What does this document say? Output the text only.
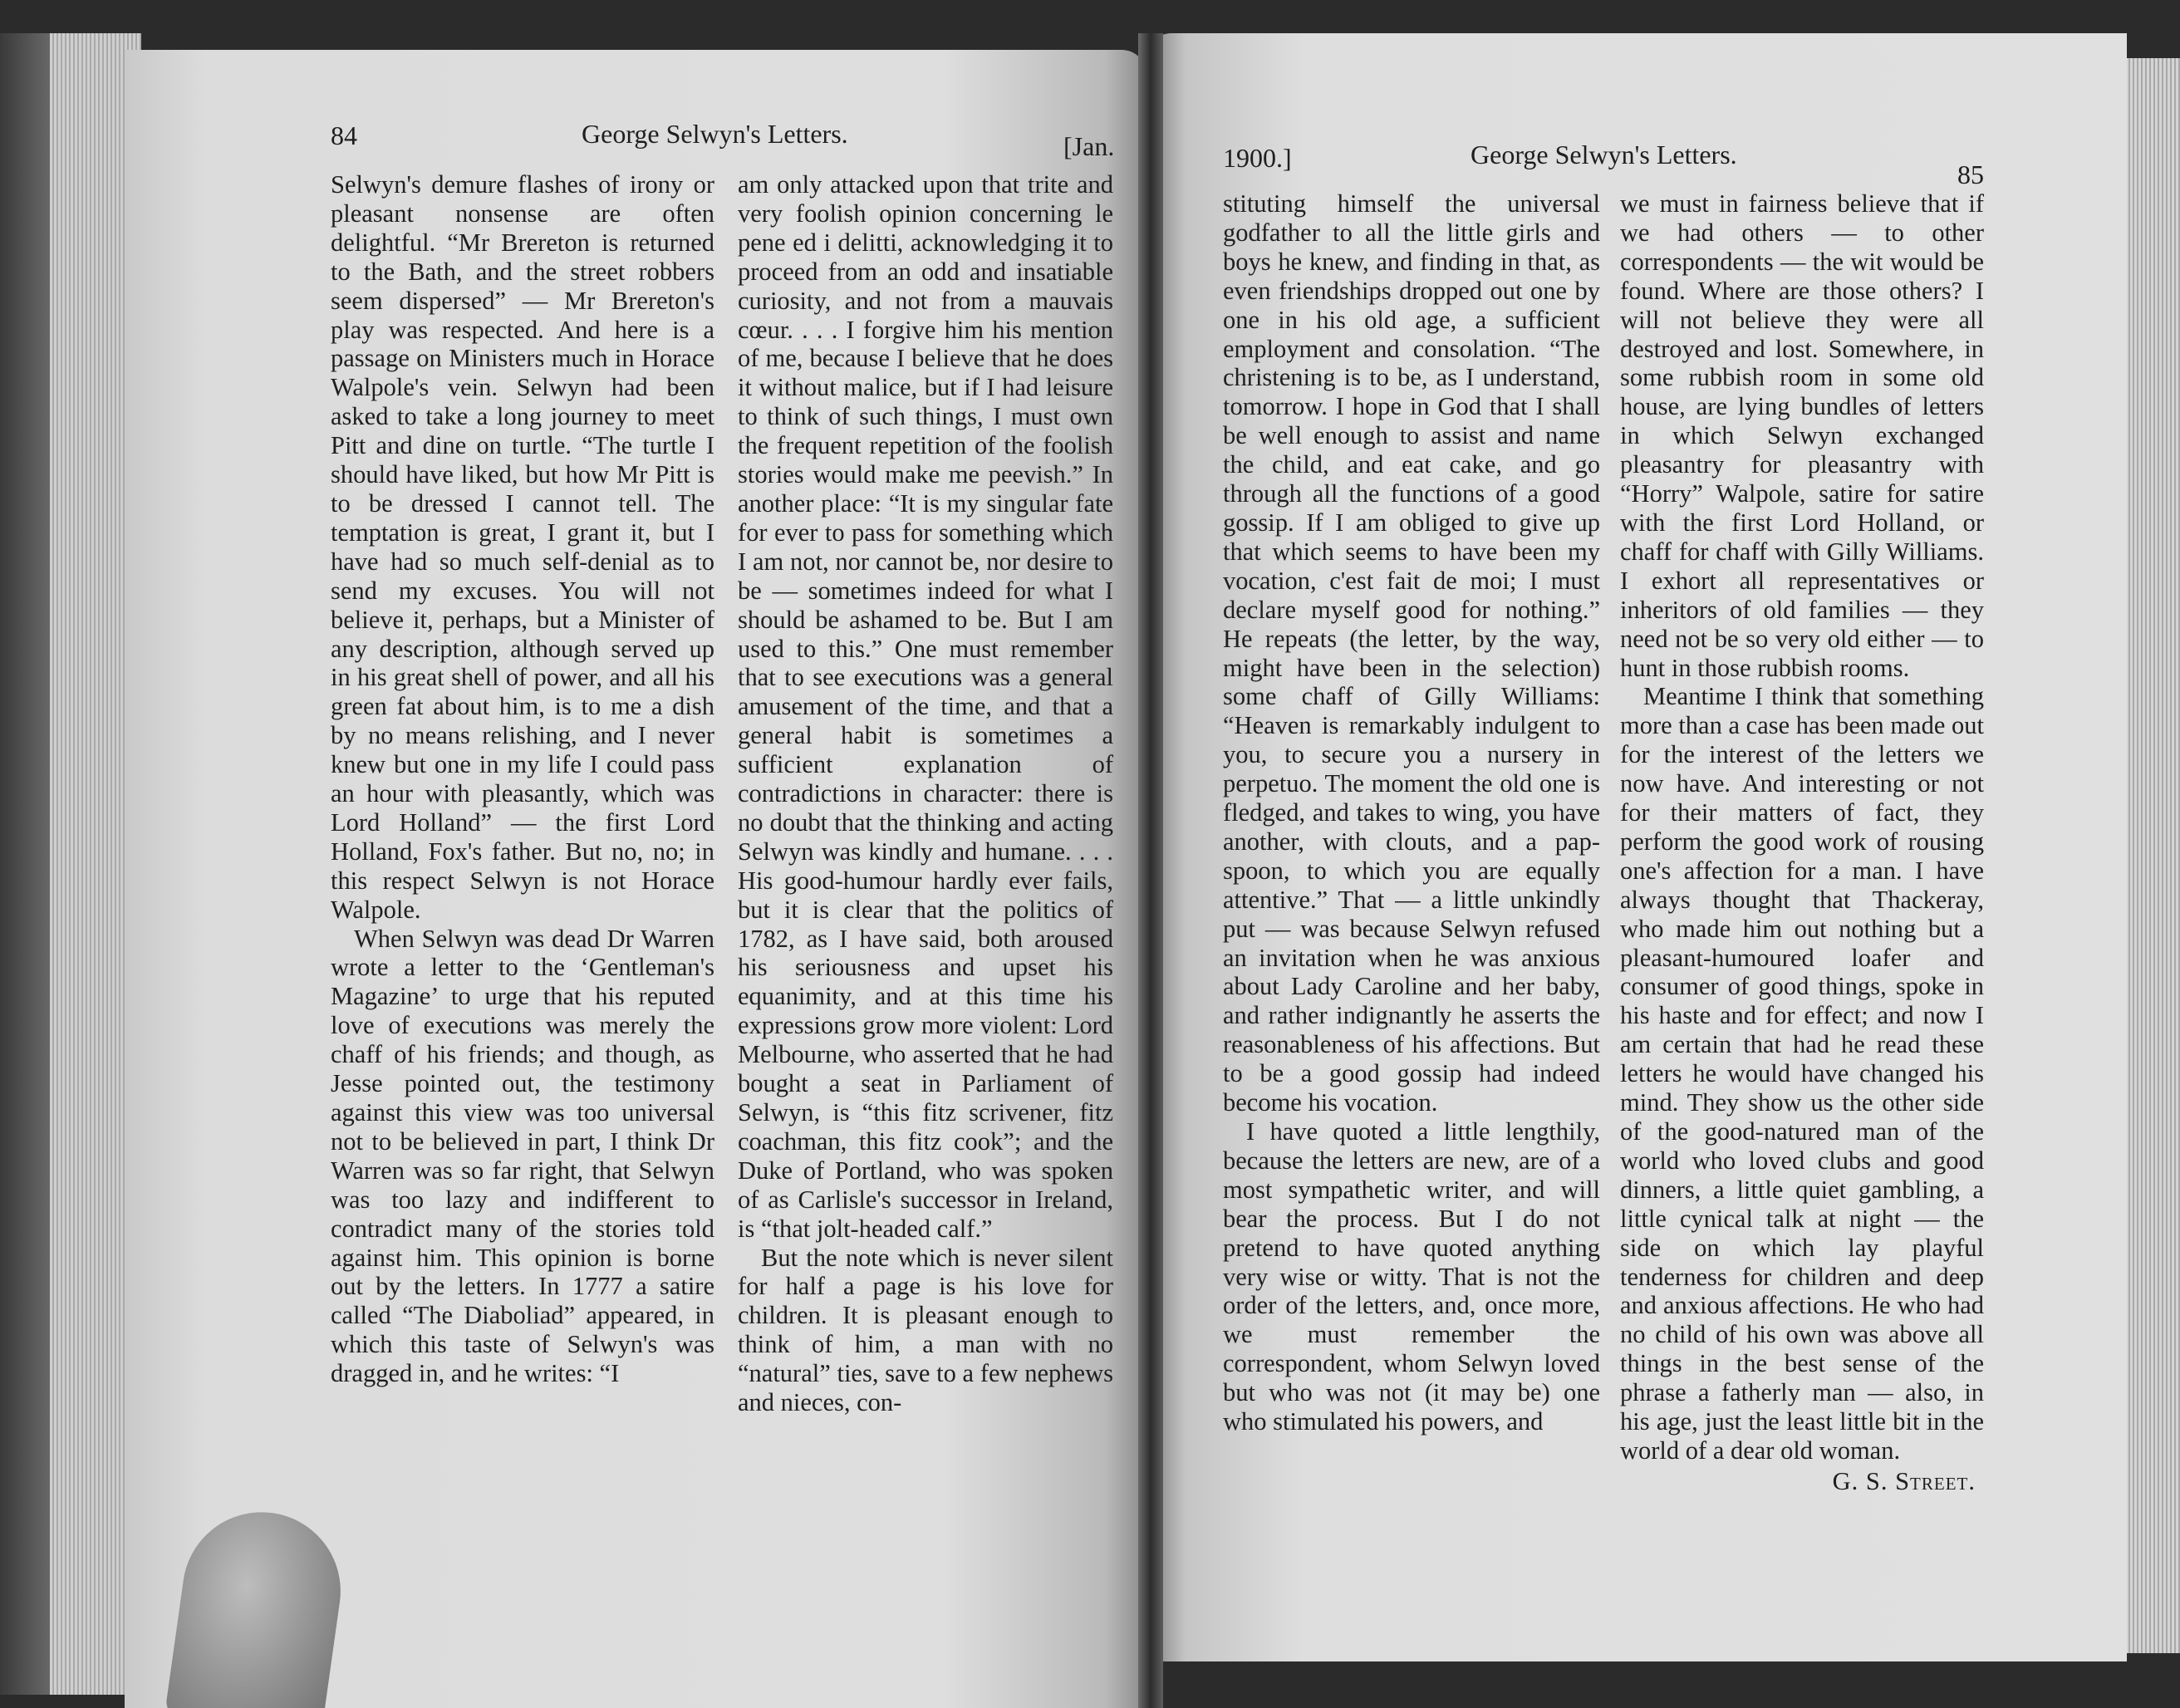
84	George Selwyn's Letters.	[Jan.

Selwyn's demure flashes of irony or pleasant nonsense are often delightful. “Mr Brereton is returned to the Bath, and the street robbers seem dispersed” — Mr Brereton's play was respected. And here is a passage on Ministers much in Horace Walpole's vein. Selwyn had been asked to take a long journey to meet Pitt and dine on turtle. “The turtle I should have liked, but how Mr Pitt is to be dressed I cannot tell. The temptation is great, I grant it, but I have had so much self-denial as to send my excuses. You will not believe it, perhaps, but a Minister of any description, although served up in his great shell of power, and all his green fat about him, is to me a dish by no means relishing, and I never knew but one in my life I could pass an hour with pleasantly, which was Lord Holland” — the first Lord Holland, Fox's father. But no, no; in this respect Selwyn is not Horace Walpole.

When Selwyn was dead Dr Warren wrote a letter to the ‘Gentleman's Magazine’ to urge that his reputed love of executions was merely the chaff of his friends; and though, as Jesse pointed out, the testimony against this view was too universal not to be believed in part, I think Dr Warren was so far right, that Selwyn was too lazy and indifferent to contradict many of the stories told against him. This opinion is borne out by the letters. In 1777 a satire called “The Diaboliad” appeared, in which this taste of Selwyn's was dragged in, and he writes: “I

am only attacked upon that trite and very foolish opinion concerning le pene ed i delitti, acknowledging it to proceed from an odd and insatiable curiosity, and not from a mauvais cœur. . . . I forgive him his mention of me, because I believe that he does it without malice, but if I had leisure to think of such things, I must own the frequent repetition of the foolish stories would make me peevish.” In another place: “It is my singular fate for ever to pass for something which I am not, nor cannot be, nor desire to be — sometimes indeed for what I should be ashamed to be. But I am used to this.” One must remember that to see executions was a general amusement of the time, and that a general habit is sometimes a sufficient explanation of contradictions in character: there is no doubt that the thinking and acting Selwyn was kindly and humane. . . . His good-humour hardly ever fails, but it is clear that the politics of 1782, as I have said, both aroused his seriousness and upset his equanimity, and at this time his expressions grow more violent: Lord Melbourne, who asserted that he had bought a seat in Parliament of Selwyn, is “this fitz scrivener, fitz coachman, this fitz cook”; and the Duke of Portland, who was spoken of as Carlisle's successor in Ireland, is “that jolt-headed calf.”

But the note which is never silent for half a page is his love for children. It is pleasant enough to think of him, a man with no “natural” ties, save to a few nephews and nieces, con-

1900.]	George Selwyn's Letters.
85

stituting himself the universal godfather to all the little girls and boys he knew, and finding in that, as even friendships dropped out one by one in his old age, a sufficient employment and consolation. “The christening is to be, as I understand, tomorrow. I hope in God that I shall be well enough to assist and name the child, and eat cake, and go through all the functions of a good gossip. If I am obliged to give up that which seems to have been my vocation, c'est fait de moi; I must declare myself good for nothing.” He repeats (the letter, by the way, might have been in the selection) some chaff of Gilly Williams: “Heaven is remarkably indulgent to you, to secure you a nursery in perpetuo. The moment the old one is fledged, and takes to wing, you have another, with clouts, and a pap-spoon, to which you are equally attentive.” That — a little unkindly put — was because Selwyn refused an invitation when he was anxious about Lady Caroline and her baby, and rather indignantly he asserts the reasonableness of his affections. But to be a good gossip had indeed become his vocation.

I have quoted a little lengthily, because the letters are new, are of a most sympathetic writer, and will bear the process. But I do not pretend to have quoted anything very wise or witty. That is not the order of the letters, and, once more, we must remember the correspondent, whom Selwyn loved but who was not (it may be) one who stimulated his powers, and

we must in fairness believe that if we had others — to other correspondents — the wit would be found. Where are those others? I will not believe they were all destroyed and lost. Somewhere, in some rubbish room in some old house, are lying bundles of letters in which Selwyn exchanged pleasantry for pleasantry with “Horry” Walpole, satire for satire with the first Lord Holland, or chaff for chaff with Gilly Williams. I exhort all representatives or inheritors of old families — they need not be so very old either — to hunt in those rubbish rooms.

Meantime I think that something more than a case has been made out for the interest of the letters we now have. And interesting or not for their matters of fact, they perform the good work of rousing one's affection for a man. I have always thought that Thackeray, who made him out nothing but a pleasant-humoured loafer and consumer of good things, spoke in his haste and for effect; and now I am certain that had he read these letters he would have changed his mind. They show us the other side of the good-natured man of the world who loved clubs and good dinners, a little quiet gambling, a little cynical talk at night — the side on which lay playful tenderness for children and deep and anxious affections. He who had no child of his own was above all things in the best sense of the phrase a fatherly man — also, in his age, just the least little bit in the world of a dear old woman.

G. S. Street.
